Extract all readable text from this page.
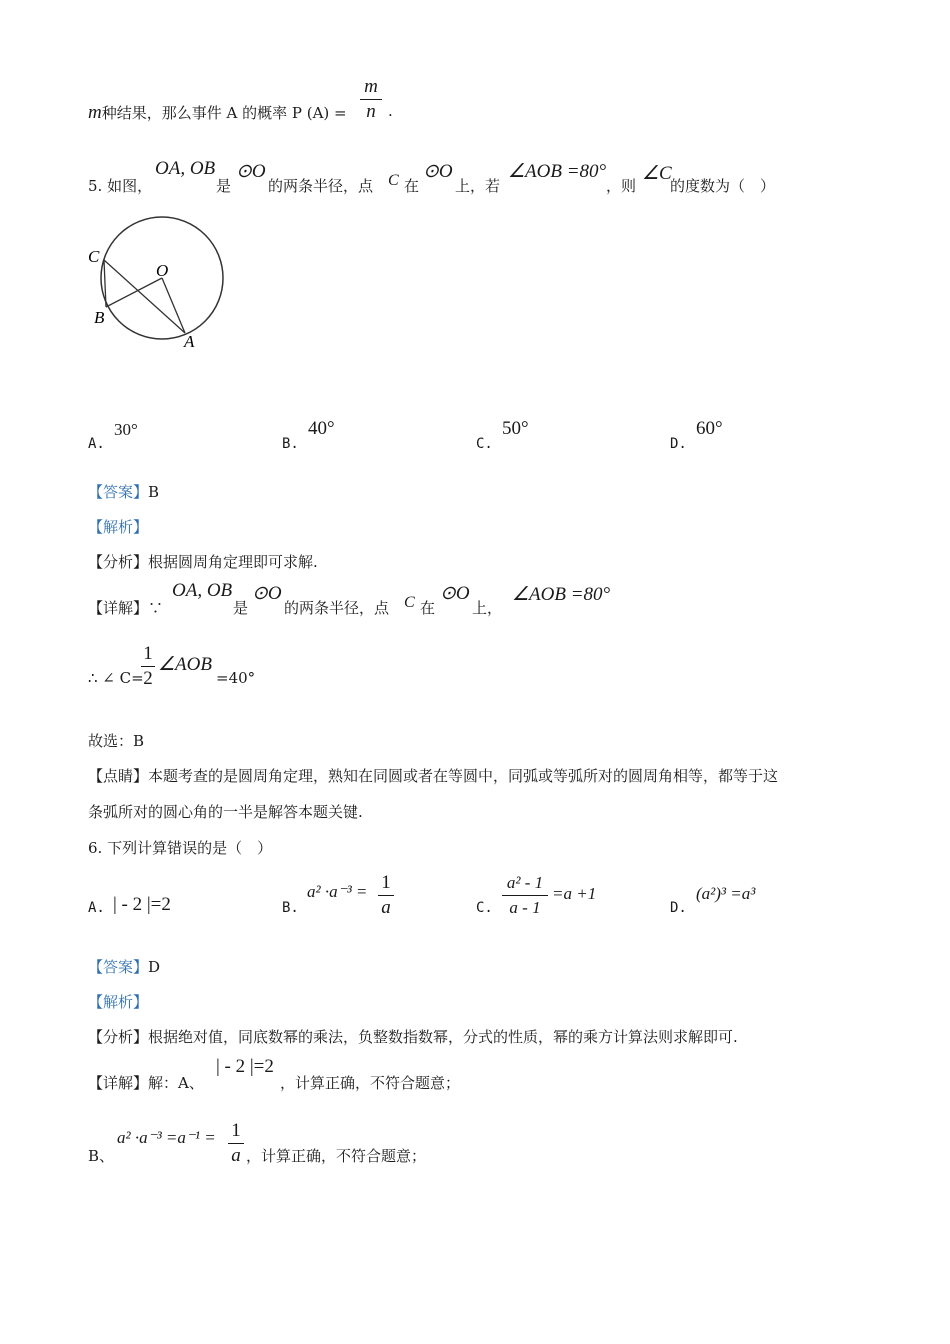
m种结果，那么事件 A 的概率 P (A) =
m
n .
5. 如图，
OA, OB
是
⊙O
的两条半径，点 C 在
⊙O
上，若
∠AOB =80°
，则
∠C
的度数为（　）
C
O
B
A
A.
30°
B.
40°
C.
50°
D.
60°
【答案】B
【解析】
【分析】根据圆周角定理即可求解.
【详解】∵
OA, OB
是
⊙O
的两条半径，点 C 在
⊙O
上，
∠AOB =80°
∴ ∠ C=
1
2
∠AOB
=40°
故选：B
【点睛】本题考查的是圆周角定理，熟知在同圆或者在等圆中，同弧或等弧所对的圆周角相等，都等于这
条弧所对的圆心角的一半是解答本题关键.
6. 下列计算错误的是（　）
A. | - 2 |=2	B.
a² ·a⁻³ = 1
a	C.
a² - 1
a - 1
=a +1
D.
(a²)³ =a³
【答案】D
【解析】
【分析】根据绝对值，同底数幂的乘法，负整数指数幂，分式的性质，幂的乘方计算法则求解即可.
【详解】解：A、
| - 2 |=2
，计算正确，不符合题意；
B、
a² ·a⁻³ =a⁻¹ = 1
a ，计算正确，不符合题意；
